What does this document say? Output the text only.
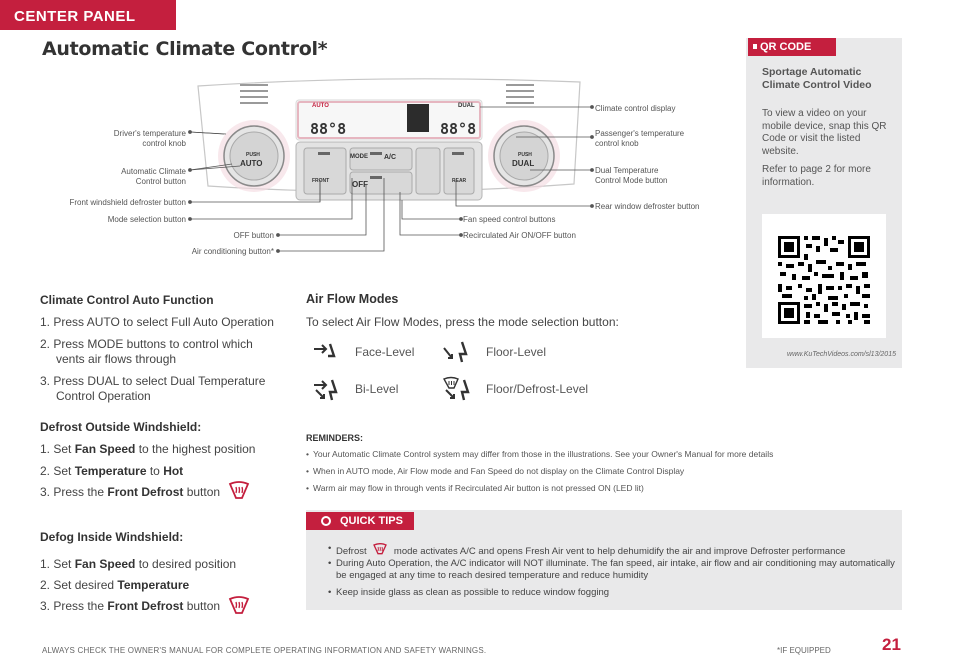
CENTER PANEL
Automatic Climate Control*	QR CODE
Sportage Automatic Climate Control Video
To view a video on your mobile device, snap this QR Code or visit the listed website.
Refer to page 2 for more information.
www.KuTechVideos.com/sl13/2015
88°8	88°8
AUTO	DUAL
PUSH
AUTO
PUSH
DUAL
MODE A/C
OFF
FRONT	REAR
Driver's temperature
control knob
Automatic Climate
Control button
Front windshield defroster button
Mode selection button
OFF button
Air conditioning button*
Climate control display
Passenger's temperature
control knob
Dual Temperature
Control Mode button
Rear window defroster button
Fan speed control buttons
Recirculated Air ON/OFF button
Climate Control Auto Function
1. Press AUTO to select Full Auto Operation
2. Press MODE buttons to control which
vents air flows through
3. Press DUAL to select Dual Temperature
Control Operation
Defrost Outside Windshield:
1. Set Fan Speed to the highest position
2. Set Temperature to Hot
3. Press the Front Defrost button
Defog Inside Windshield:
1. Set Fan Speed to desired position
2. Set desired Temperature
3. Press the Front Defrost button
Air Flow Modes
To select Air Flow Modes, press the mode selection button:
Face-Level	Floor-Level
Bi-Level	Floor/Defrost-Level
REMINDERS:
• Your Automatic Climate Control system may differ from those in the illustrations. See your Owner's Manual for more details
• When in AUTO mode, Air Flow mode and Fan Speed do not display on the Climate Control Display
• Warm air may flow in through vents if Recirculated Air button is not pressed ON (LED lit)
QUICK TIPS
• Defrost	mode activates A/C and opens Fresh Air vent to help dehumidify the air and improve Defroster performance
• During Auto Operation, the A/C indicator will NOT illuminate. The fan speed, air intake, air flow and air conditioning may automatically be engaged at any time to reach desired temperature and reduce humidity
• Keep inside glass as clean as possible to reduce window fogging
ALWAYS CHECK THE OWNER'S MANUAL FOR COMPLETE OPERATING INFORMATION AND SAFETY WARNINGS.	*IF EQUIPPED	21
